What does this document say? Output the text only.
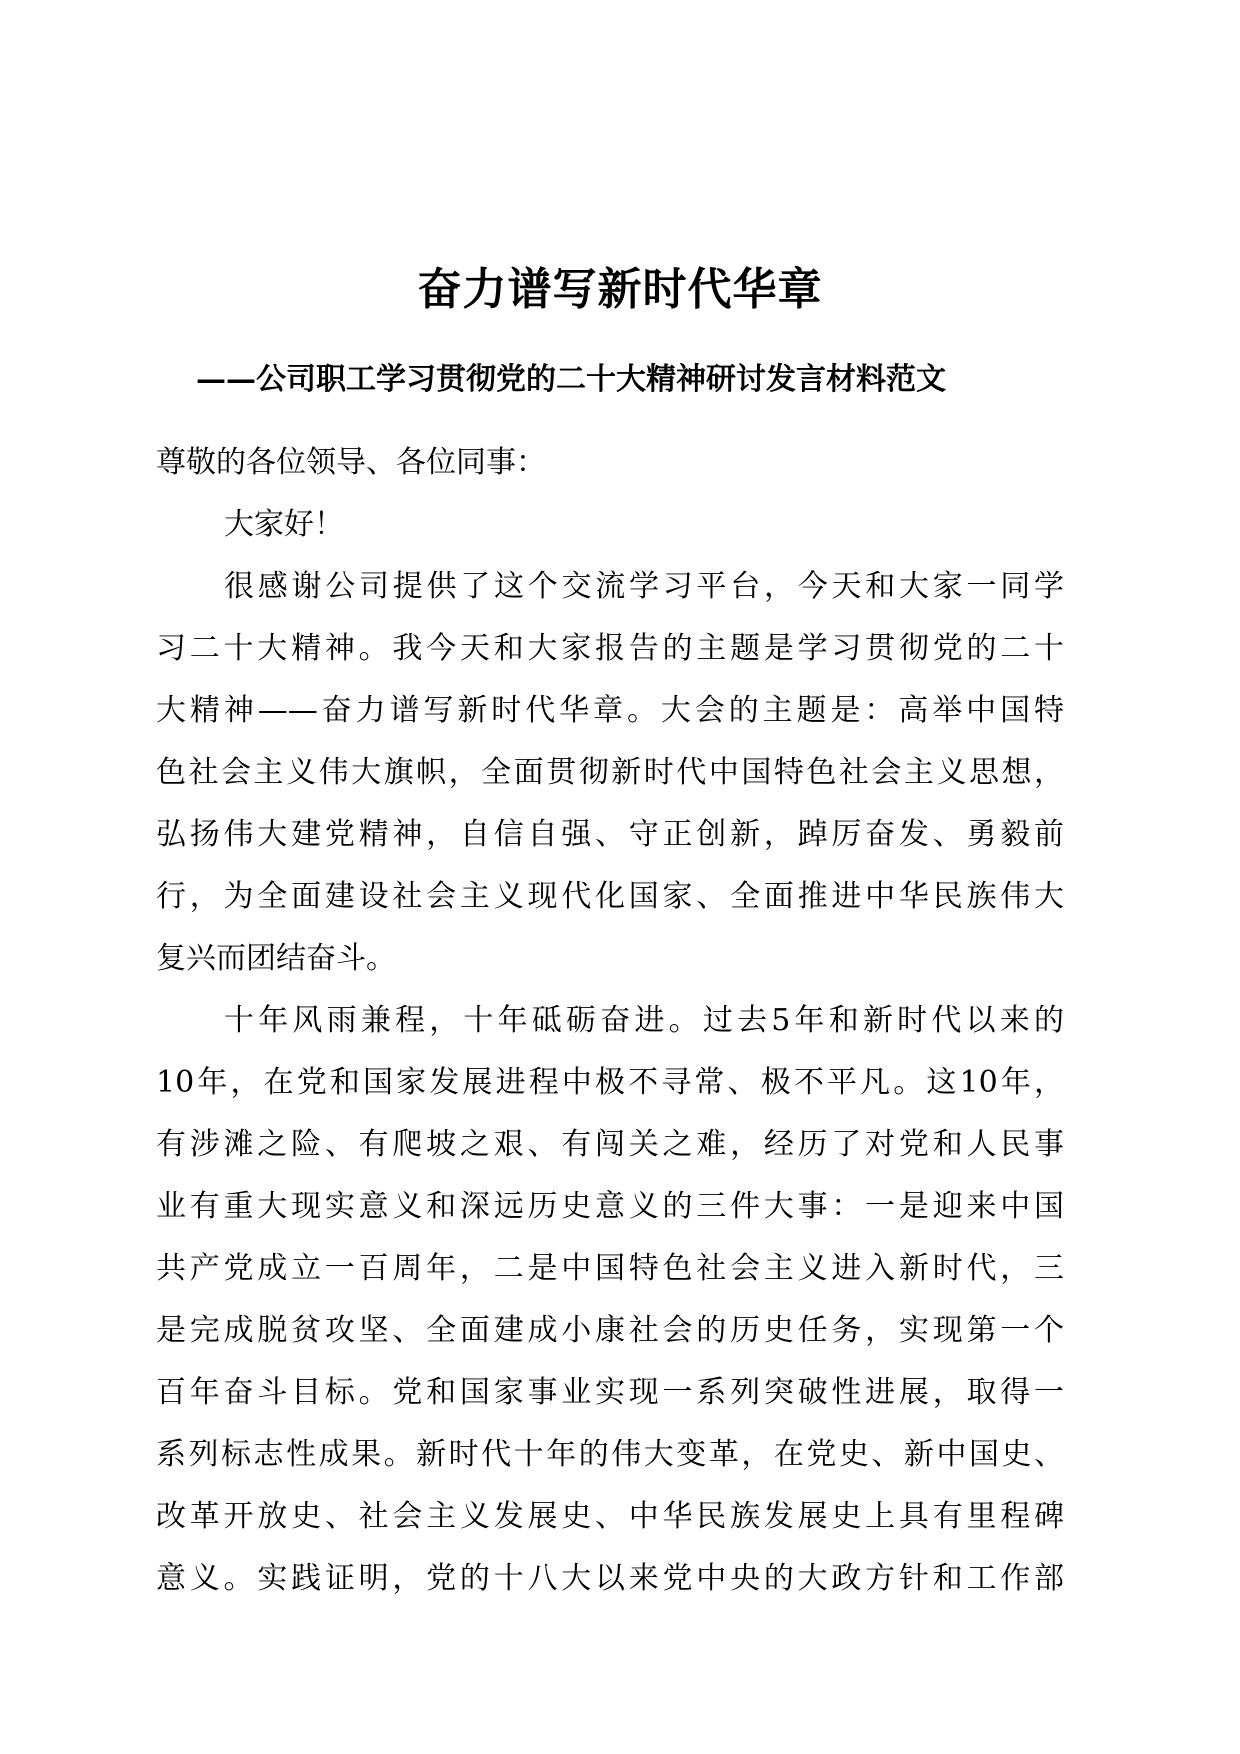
奋力谱写新时代华章
——公司职工学习贯彻党的二十大精神研讨发言材料范文
尊敬的各位领导、各位同事：
大家好！
很感谢公司提供了这个交流学习平台，今天和大家一同学
习二十大精神。我今天和大家报告的主题是学习贯彻党的二十
大精神——奋力谱写新时代华章。大会的主题是：高举中国特
色社会主义伟大旗帜，全面贯彻新时代中国特色社会主义思想，
弘扬伟大建党精神，自信自强、守正创新，踔厉奋发、勇毅前
行，为全面建设社会主义现代化国家、全面推进中华民族伟大
复兴而团结奋斗。
十年风雨兼程，十年砥砺奋进。过去5年和新时代以来的
10年，在党和国家发展进程中极不寻常、极不平凡。这10年，
有涉滩之险、有爬坡之艰、有闯关之难，经历了对党和人民事
业有重大现实意义和深远历史意义的三件大事：一是迎来中国
共产党成立一百周年，二是中国特色社会主义进入新时代，三
是完成脱贫攻坚、全面建成小康社会的历史任务，实现第一个
百年奋斗目标。党和国家事业实现一系列突破性进展，取得一
系列标志性成果。新时代十年的伟大变革，在党史、新中国史、
改革开放史、社会主义发展史、中华民族发展史上具有里程碑
意义。实践证明，党的十八大以来党中央的大政方针和工作部
